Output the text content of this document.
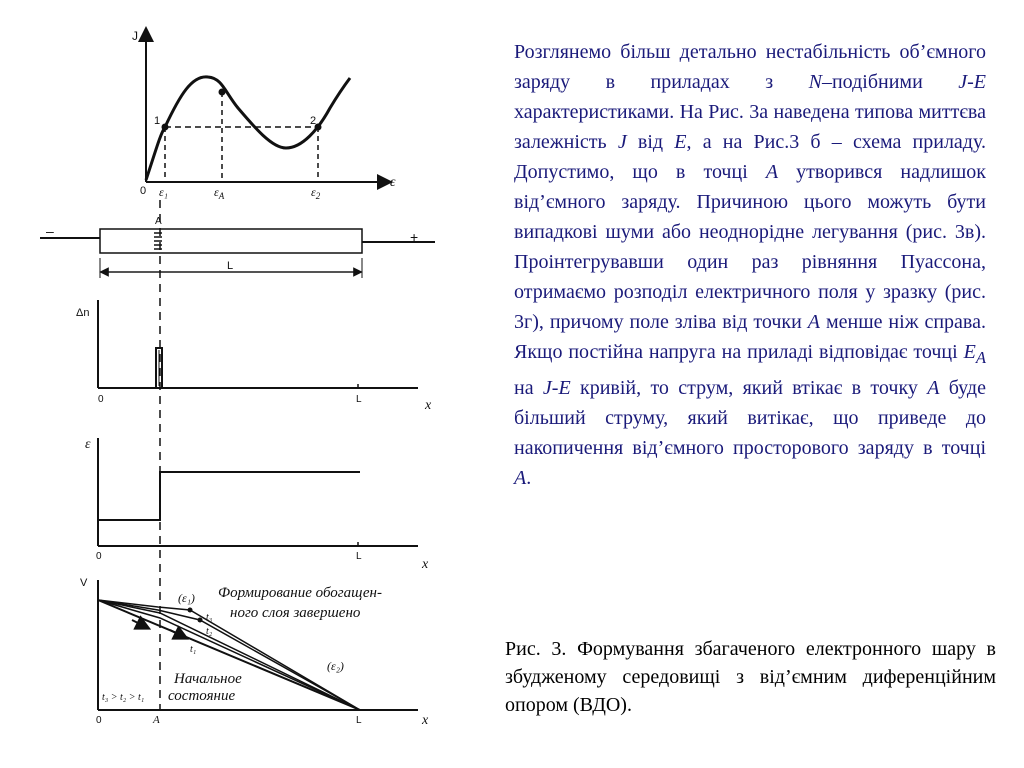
J
ε
0
1	2
ε₁	$\varepsilon_A$	$\varepsilon_2$
A
–	+
L
Δn
0	L	x
ε
0	L
x
V
0	A	L	x
Формирование обогащен-
ного слоя завершено
Начальное
состояние
(ε₁)
(ε₂)
t₃
t₂
t₁
t₃ > t₂ > t₁

Розглянемо більш детально нестабільність об’ємного заряду в приладах з N–подібними J-E характеристиками. На Рис. 3а наведена типова миттєва залежність J від E, а на Рис.3 б – схема приладу. Допустимо, що в точці A утворився надлишок від’ємного заряду. Причиною цього можуть бути випадкові шуми або неоднорідне легування (рис. 3в). Проінтегрувавши один раз рівняння Пуассона, отримаємо розподіл електричного поля у зразку (рис. 3г), причому поле зліва від точки A менше ніж справа. Якщо постійна напруга на приладі відповідає точці $E_A$ на J-E кривій, то струм, який втікає в точку A буде більший струму, який витікає, що приведе до накопичення від’ємного просторового заряду в точці A.

Рис. 3. Формування збагаченого електронного шару в збудженому середовищі з від’ємним диференційним опором (ВДО).
